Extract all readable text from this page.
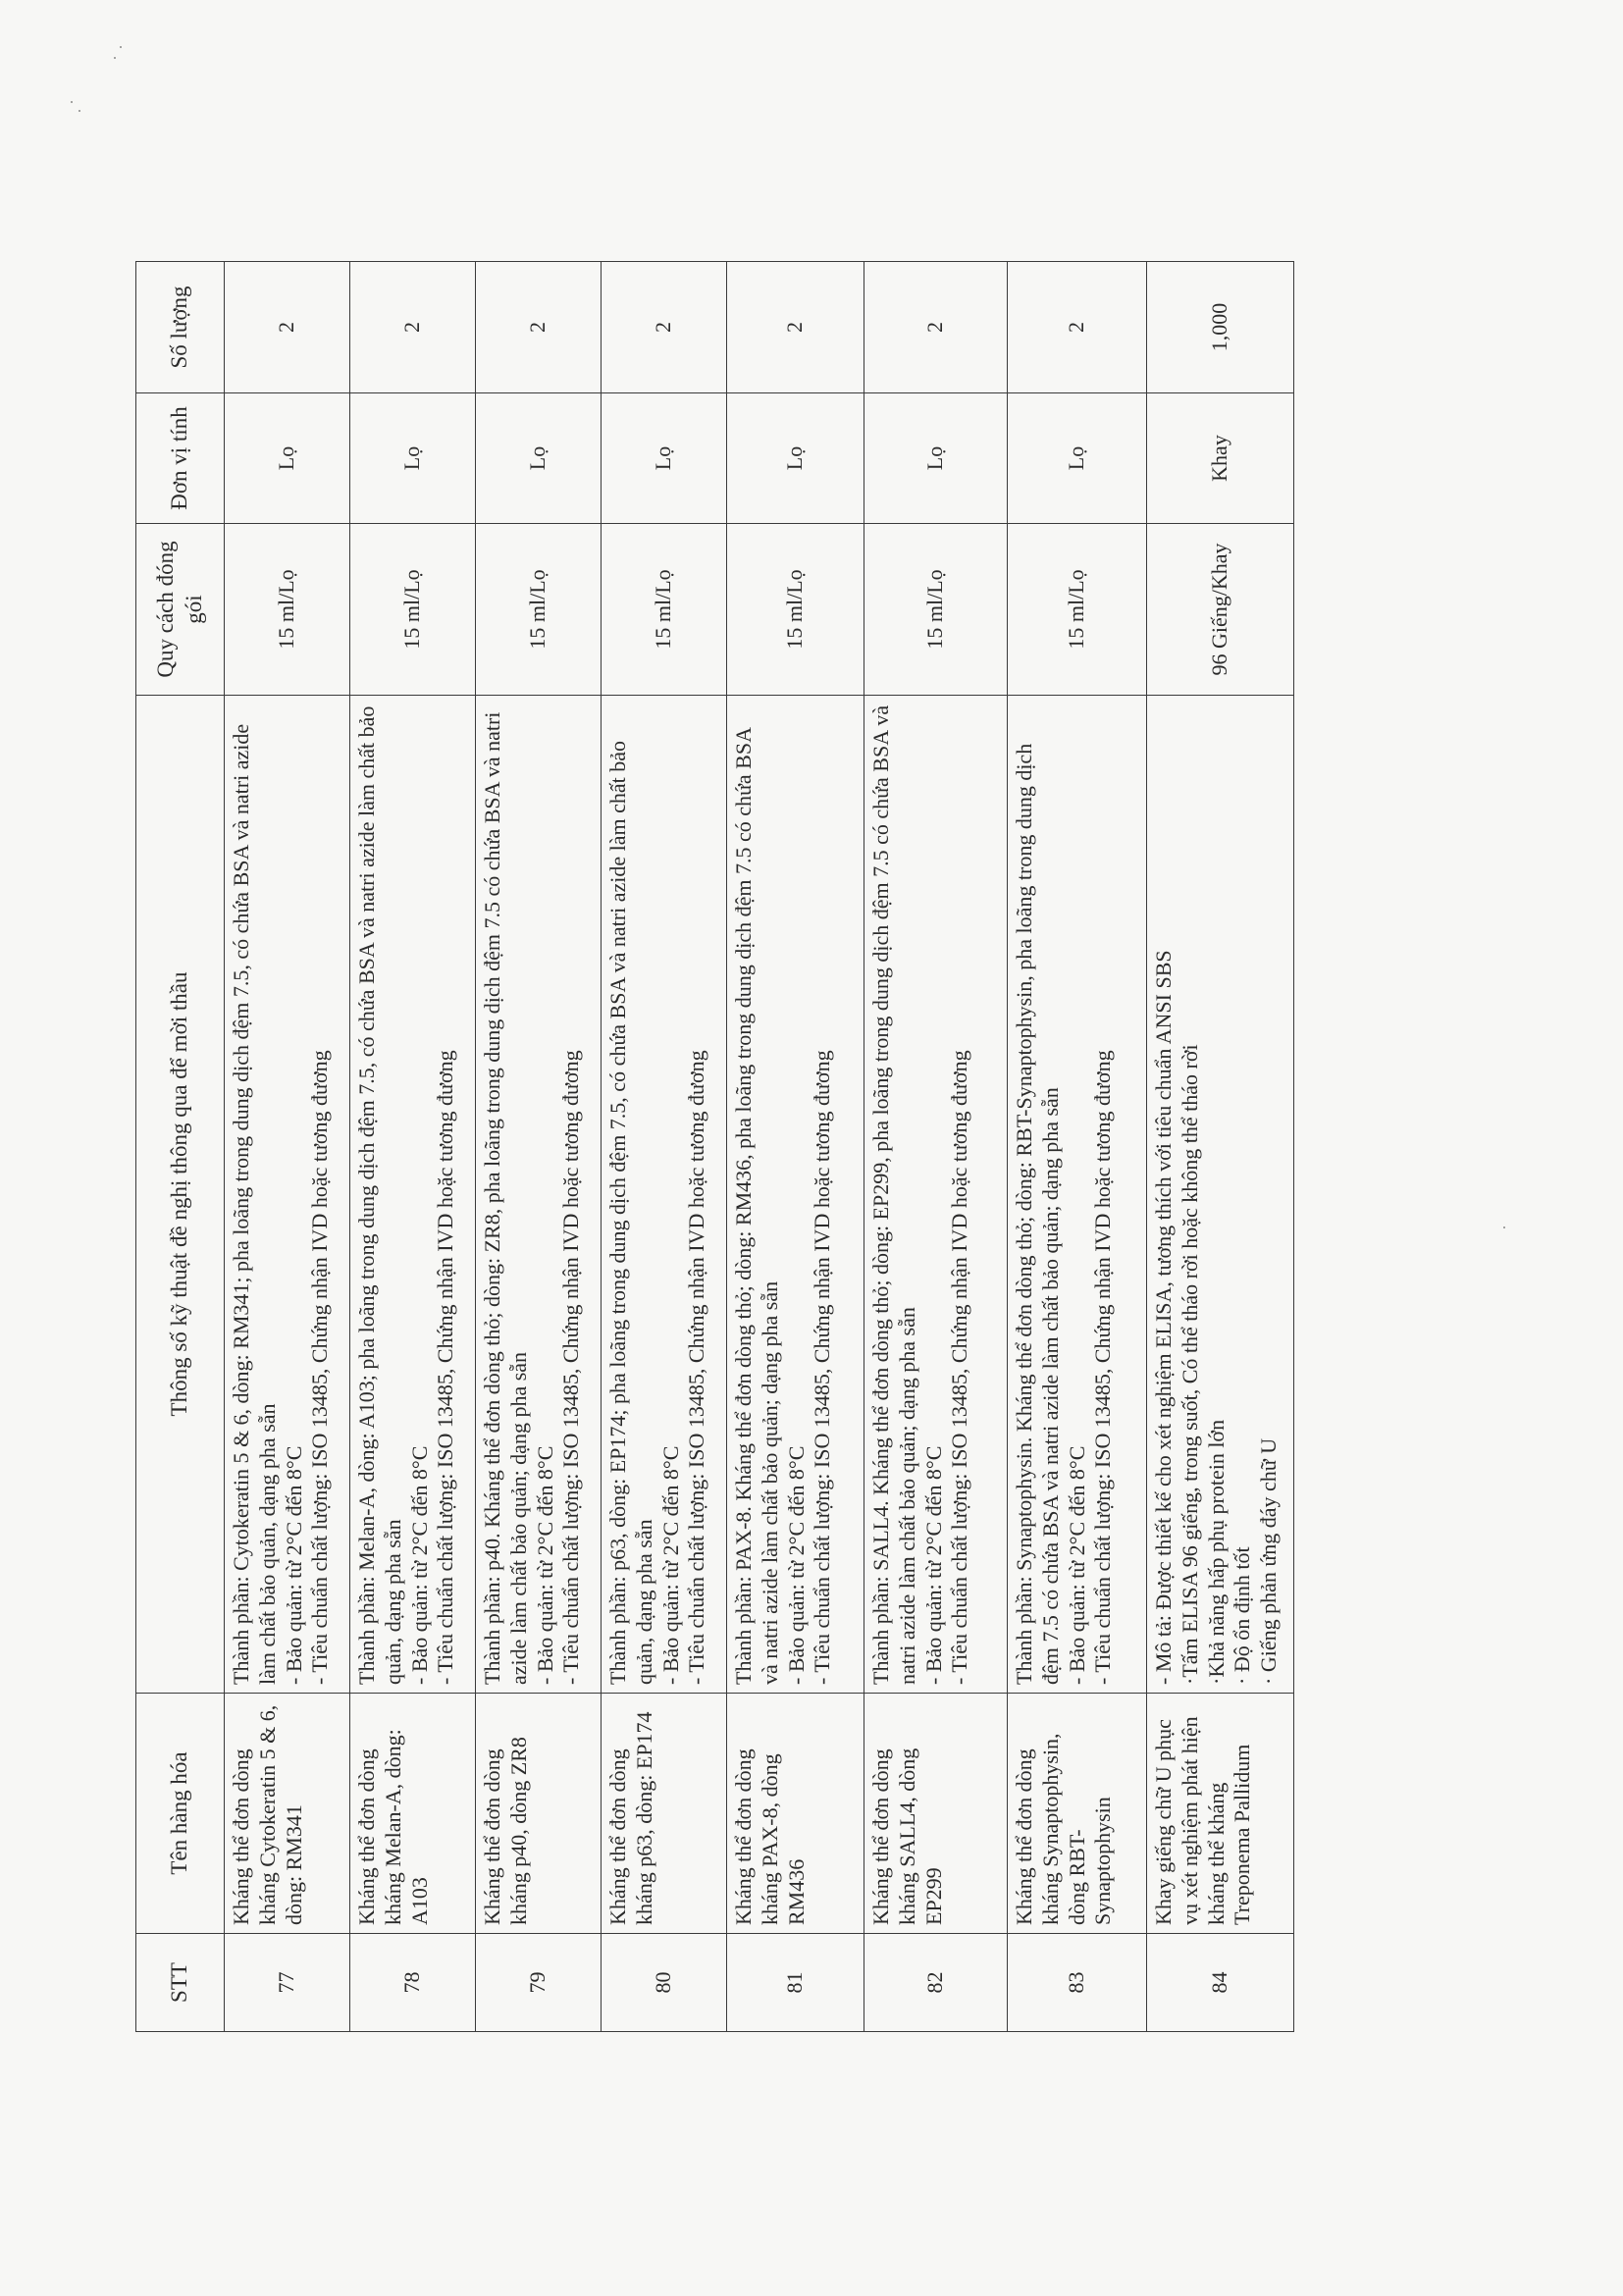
STT	Tên hàng hóa	Thông số kỹ thuật đề nghị thông qua để mời thầu	Quy cách đóng gói	Đơn vị tính	Số lượng
77	Kháng thể đơn dòng kháng Cytokeratin 5 & 6, dòng: RM341	Thành phần: Cytokeratin 5 & 6, dòng: RM341; pha loãng trong dung dịch đệm 7.5, có chứa BSA và natri azide làm chất bảo quản, dạng pha sẵn - Bảo quản: từ 2°C đến 8°C - Tiêu chuẩn chất lượng: ISO 13485, Chứng nhận IVD hoặc tương đương	15 ml/Lọ	Lọ	2
78	Kháng thể đơn dòng kháng Melan-A, dòng: A103	Thành phần: Melan-A, dòng: A103; pha loãng trong dung dịch đệm 7.5, có chứa BSA và natri azide làm chất bảo quản, dạng pha sẵn - Bảo quản: từ 2°C đến 8°C - Tiêu chuẩn chất lượng: ISO 13485, Chứng nhận IVD hoặc tương đương	15 ml/Lọ	Lọ	2
79	Kháng thể đơn dòng kháng p40, dòng ZR8	Thành phần: p40. Kháng thể đơn dòng thỏ; dòng: ZR8, pha loãng trong dung dịch đệm 7.5 có chứa BSA và natri azide làm chất bảo quản; dạng pha sẵn - Bảo quản: từ 2°C đến 8°C - Tiêu chuẩn chất lượng: ISO 13485, Chứng nhận IVD hoặc tương đương	15 ml/Lọ	Lọ	2
80	Kháng thể đơn dòng kháng p63, dòng: EP174	Thành phần: p63, dòng: EP174; pha loãng trong dung dịch đệm 7.5, có chứa BSA và natri azide làm chất bảo quản, dạng pha sẵn - Bảo quản: từ 2°C đến 8°C - Tiêu chuẩn chất lượng: ISO 13485, Chứng nhận IVD hoặc tương đương	15 ml/Lọ	Lọ	2
81	Kháng thể đơn dòng kháng PAX-8, dòng RM436	Thành phần: PAX-8. Kháng thể đơn dòng thỏ; dòng: RM436, pha loãng trong dung dịch đệm 7.5 có chứa BSA và natri azide làm chất bảo quản; dạng pha sẵn - Bảo quản: từ 2°C đến 8°C - Tiêu chuẩn chất lượng: ISO 13485, Chứng nhận IVD hoặc tương đương	15 ml/Lọ	Lọ	2
82	Kháng thể đơn dòng kháng SALL4, dòng EP299	Thành phần: SALL4. Kháng thể đơn dòng thỏ; dòng: EP299, pha loãng trong dung dịch đệm 7.5 có chứa BSA và natri azide làm chất bảo quản; dạng pha sẵn - Bảo quản: từ 2°C đến 8°C - Tiêu chuẩn chất lượng: ISO 13485, Chứng nhận IVD hoặc tương đương	15 ml/Lọ	Lọ	2
83	Kháng thể đơn dòng kháng Synaptophysin, dòng RBT-Synaptophysin	Thành phần: Synaptophysin. Kháng thể đơn dòng thỏ; dòng: RBT-Synaptophysin, pha loãng trong dung dịch đệm 7.5 có chứa BSA và natri azide làm chất bảo quản; dạng pha sẵn - Bảo quản: từ 2°C đến 8°C - Tiêu chuẩn chất lượng: ISO 13485, Chứng nhận IVD hoặc tương đương	15 ml/Lọ	Lọ	2
84	Khay giếng chữ U phục vụ xét nghiệm phát hiện kháng thể kháng Treponema Pallidum	- Mô tả: Được thiết kế cho xét nghiệm ELISA, tương thích với tiêu chuẩn ANSI SBS ·Tấm ELISA 96 giếng, trong suốt, Có thể tháo rời hoặc không thể tháo rời ·Khả năng hấp phụ protein lớn · Độ ổn định tốt · Giếng phản ứng đáy chữ U	96 Giếng/Khay	Khay	1,000
